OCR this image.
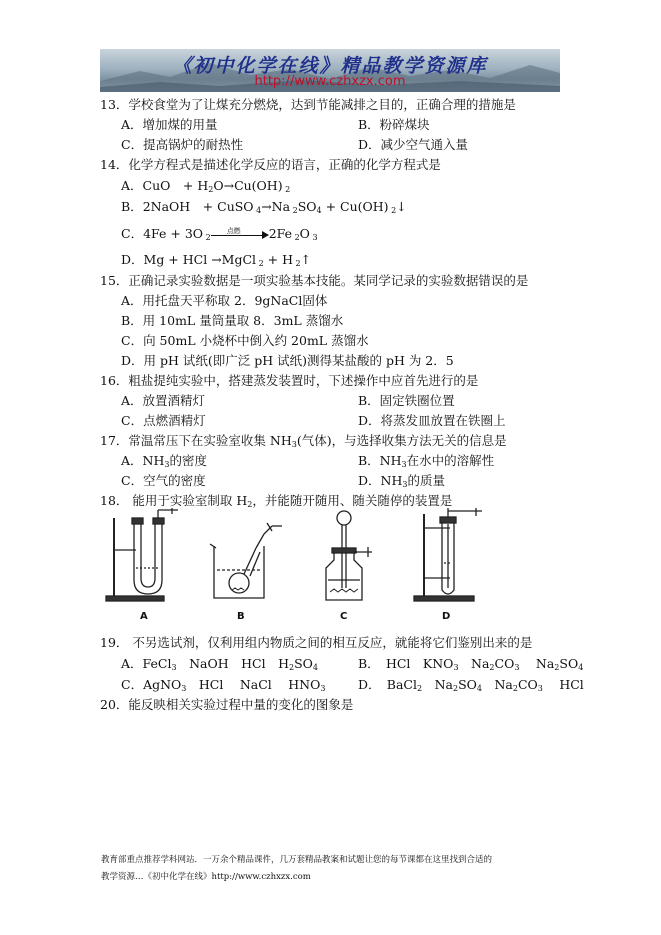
《初中化学在线》精品教学资源库
http://www.czhxzx.com
13．学校食堂为了让煤充分燃烧，达到节能减排之目的，正确合理的措施是
A．增加煤的用量	B．粉碎煤块
C．提高锅炉的耐热性	D．减少空气通入量
14．化学方程式是描述化学反应的语言，正确的化学方程式是
A．CuO　+ $H_2O\to Cu(OH)$ $_2$
B．2NaOH　+ CuSO $_4$→Na $_2SO_4 + Cu(OH)$ $_2$↓
C．4Fe + 3O $_2$
点燃 2Fe $_2$O $_3$
D．Mg + HCl →MgCl $_2$ + H $_2$↑
15．正确记录实验数据是一项实验基本技能。某同学记录的实验数据错误的是
A．用托盘天平称取 2．9gNaCl固体
B．用 10mL 量筒量取 8．3mL 蒸馏水
C．向 50mL 小烧杯中倒入约 20mL 蒸馏水
D．用 pH 试纸(即广泛 pH 试纸)测得某盐酸的 pH 为 2．5
16．粗盐提纯实验中，搭建蒸发装置时，下述操作中应首先进行的是
A．放置酒精灯	B．固定铁圈位置
C．点燃酒精灯	D．将蒸发皿放置在铁圈上
17．常温常压下在实验室收集 $NH_3$(气体)，与选择收集方法无关的信息是
A．$NH_3$的密度	B．$NH_3$在水中的溶解性
C．空气的密度	D．$NH_3$的质量
18． 能用于实验室制取 $H_2$，并能随开随用、随关随停的装置是
A	B	C	D
19． 不另选试剂，仅利用组内物质之间的相互反应，就能将它们鉴别出来的是
A．FeCl$_3$　NaOH　HCl　$H_2SO_4$	B．　HCl　$KNO_3$　$Na_2CO_3$　 $Na_2SO_4$
C．AgNO$_3$　HCl　 NaCl　 $HNO_3$	D．　BaCl$_2$　$Na_2SO_4$　$Na_2CO_3$　 HCl
20．能反映相关实验过程中量的变化的图象是
教育部重点推荐学科网站．一万余个精品课件，几万套精品教案和试题让您的每节课都在这里找到合适的
教学资源…《初中化学在线》http://www.czhxzx.com
